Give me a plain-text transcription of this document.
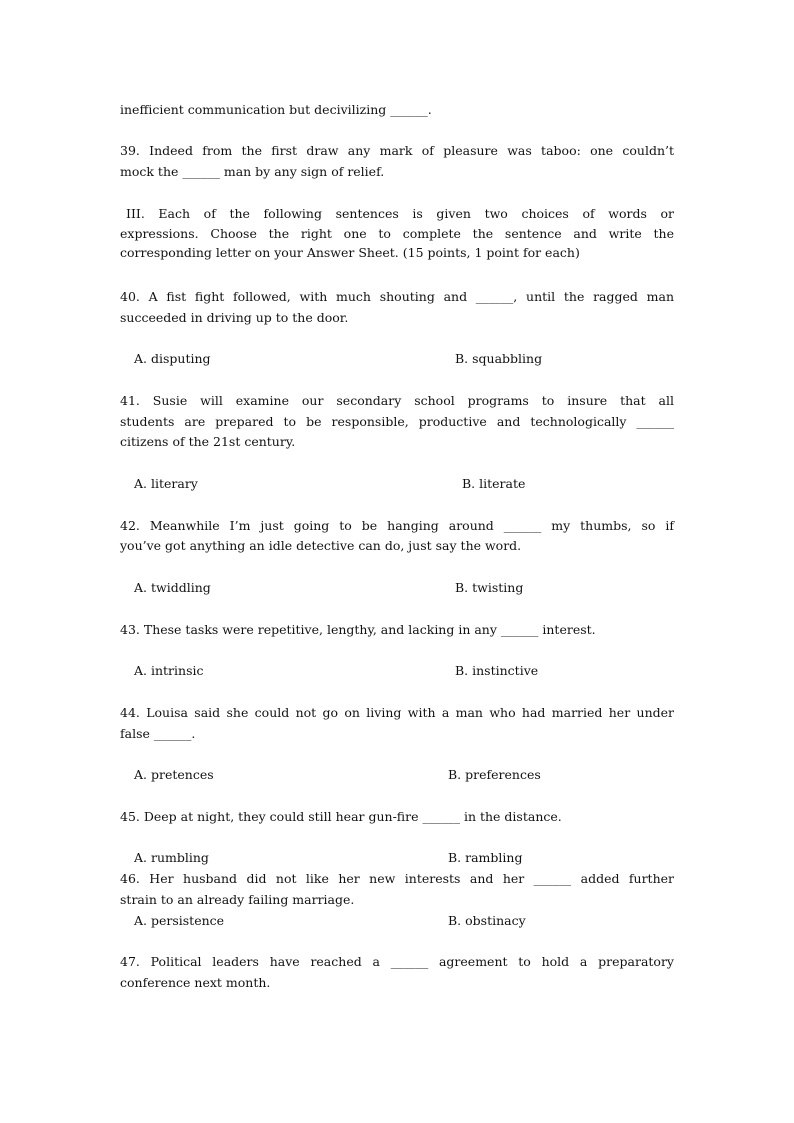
inefficient communication but decivilizing ______.
39. Indeed from the first draw any mark of pleasure was taboo: one couldn’t
mock the ______ man by any sign of relief.
III. Each of the following sentences is given two choices of words or
expressions. Choose the right one to complete the sentence and write the
corresponding letter on your Answer Sheet. (15 points, 1 point for each)
40. A fist fight followed, with much shouting and ______, until the ragged man
succeeded in driving up to the door.
A. disputing	B. squabbling
41. Susie will examine our secondary school programs to insure that all
students are prepared to be responsible, productive and technologically ______
citizens of the 21st century.
A. literary	B. literate
42. Meanwhile I’m just going to be hanging around ______ my thumbs, so if
you’ve got anything an idle detective can do, just say the word.
A. twiddling	B. twisting
43. These tasks were repetitive, lengthy, and lacking in any ______ interest.
A. intrinsic	B. instinctive
44. Louisa said she could not go on living with a man who had married her under
false ______.
A. pretences	B. preferences
45. Deep at night, they could still hear gun-fire ______ in the distance.
A. rumbling	B. rambling
46. Her husband did not like her new interests and her ______ added further
strain to an already failing marriage.
A. persistence	B. obstinacy
47. Political leaders have reached a ______ agreement to hold a preparatory
conference next month.
